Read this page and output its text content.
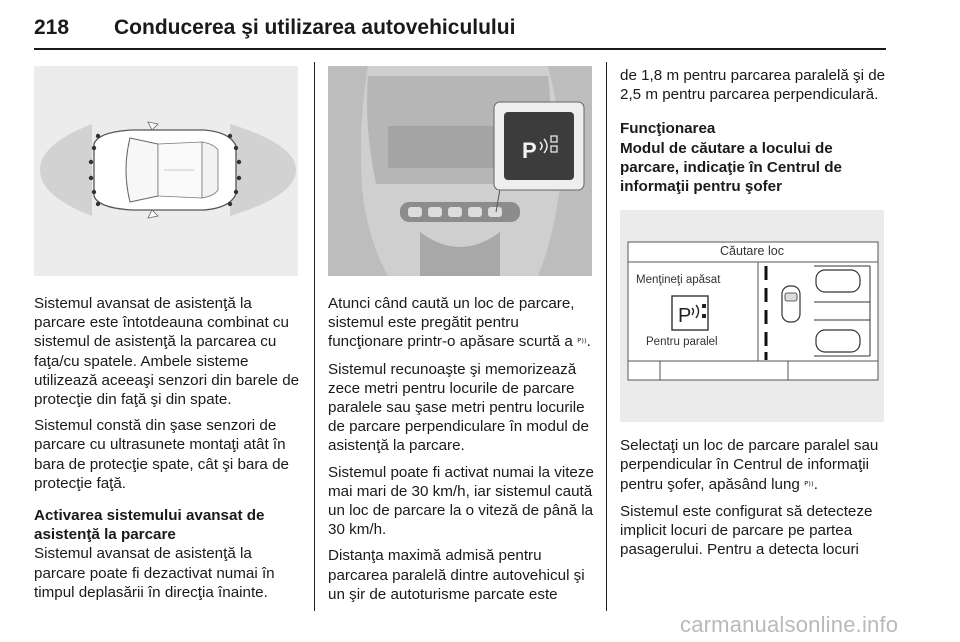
218 Conducerea şi utilizarea autovehiculului

Sistemul avansat de asistenţă la parcare este întotdeauna combinat cu sistemul de asistenţă la parcarea cu faţa/cu spatele. Ambele sisteme utilizează aceeaşi senzori din barele de protecţie din faţă şi din spate.

Sistemul constă din şase senzori de parcare cu ultrasunete montaţi atât în bara de protecţie spate, cât şi bara de protecţie faţă.

Activarea sistemului avansat de asistenţă la parcare

Sistemul avansat de asistenţă la parcare poate fi dezactivat numai în timpul deplasării în direcţia înainte.

P

Atunci când caută un loc de parcare, sistemul este pregătit pentru funcţionare printr-o apăsare scurtă a ᴾ⁾⁾.

Sistemul recunoaşte şi memorizează zece metri pentru locurile de parcare paralele sau şase metri pentru locurile de parcare perpendiculare în modul de asistenţă la parcare.

Sistemul poate fi activat numai la viteze mai mari de 30 km/h, iar sistemul caută un loc de parcare la o viteză de până la 30 km/h.

Distanţa maximă admisă pentru parcarea paralelă dintre autovehicul şi un şir de autoturisme parcate este

de 1,8 m pentru parcarea paralelă şi de 2,5 m pentru parcarea perpendiculară.

Funcţionarea
Modul de căutare a locului de parcare, indicaţie în Centrul de informaţii pentru şofer
P
Căutare loc
Menţineţi apăsat
Pentru paralel

Selectaţi un loc de parcare paralel sau perpendicular în Centrul de informaţii pentru şofer, apăsând lung ᴾ⁾⁾.

Sistemul este configurat să detecteze implicit locuri de parcare pe partea pasagerului. Pentru a detecta locuri

carmanualsonline.info
